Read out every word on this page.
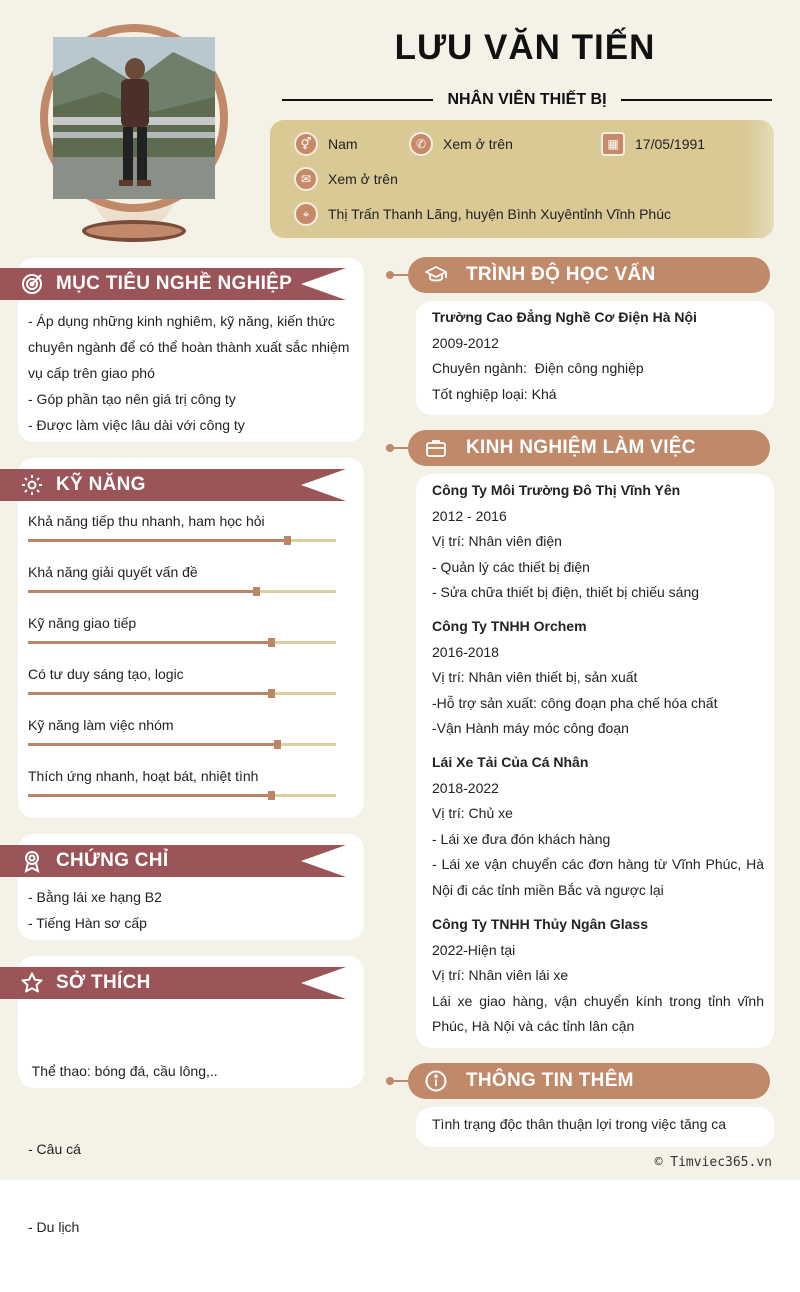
LƯU VĂN TIẾN
NHÂN VIÊN THIẾT BỊ
⚥	Nam	✆	Xem ở trên	▦	17/05/1991
✉	Xem ở trên
⌖	Thị Trấn Thanh Lãng, huyện Bình Xuyêntỉnh Vĩnh Phúc
MỤC TIÊU NGHỀ NGHIỆP
- Áp dụng những kinh nghiêm, kỹ năng, kiến thức
chuyên ngành để có thể hoàn thành xuất sắc nhiệm
vụ cấp trên giao phó
- Góp phần tạo nên giá trị công ty
- Được làm việc lâu dài với công ty
KỸ NĂNG
Khả năng tiếp thu nhanh, ham học hỏi
Khả năng giải quyết vấn đề
Kỹ năng giao tiếp
Có tư duy sáng tạo, logic
Kỹ năng làm việc nhóm
Thích ứng nhanh, hoạt bát, nhiệt tình
CHỨNG CHỈ
- Bằng lái xe hạng B2
- Tiếng Hàn sơ cấp
SỞ THÍCH

Thể thao: bóng đá, cầu lông,..

- Câu cá

- Du lịch

TRÌNH ĐỘ HỌC VẤN
Trường Cao Đẳng Nghề Cơ Điện Hà Nội
2009-2012
Chuyên ngành:  Điện công nghiệp
Tốt nghiệp loại: Khá
KINH NGHIỆM LÀM VIỆC
Công Ty Môi Trường Đô Thị Vĩnh Yên
2012 - 2016
Vị trí: Nhân viên điện
- Quản lý các thiết bị điện
- Sửa chữa thiết bị điện, thiết bị chiếu sáng
Công Ty TNHH Orchem
2016-2018
Vị trí: Nhân viên thiết bị, sản xuất
-Hỗ trợ sản xuất: công đoạn pha chế hóa chất
-Vận Hành máy móc công đoạn
Lái Xe Tải Của Cá Nhân
2018-2022
Vị trí: Chủ xe
- Lái xe đưa đón khách hàng
- Lái xe vận chuyển các đơn hàng từ Vĩnh Phúc, Hà Nội đi các tỉnh miền Bắc và ngược lại
Công Ty TNHH Thủy Ngân Glass
2022-Hiện tại
Vị trí: Nhân viên lái xe
Lái xe giao hàng, vận chuyển kính trong tỉnh vĩnh Phúc, Hà Nội và các tỉnh lân cận
THÔNG TIN THÊM
Tình trạng độc thân thuận lợi trong việc tăng ca
© Timviec365.vn
